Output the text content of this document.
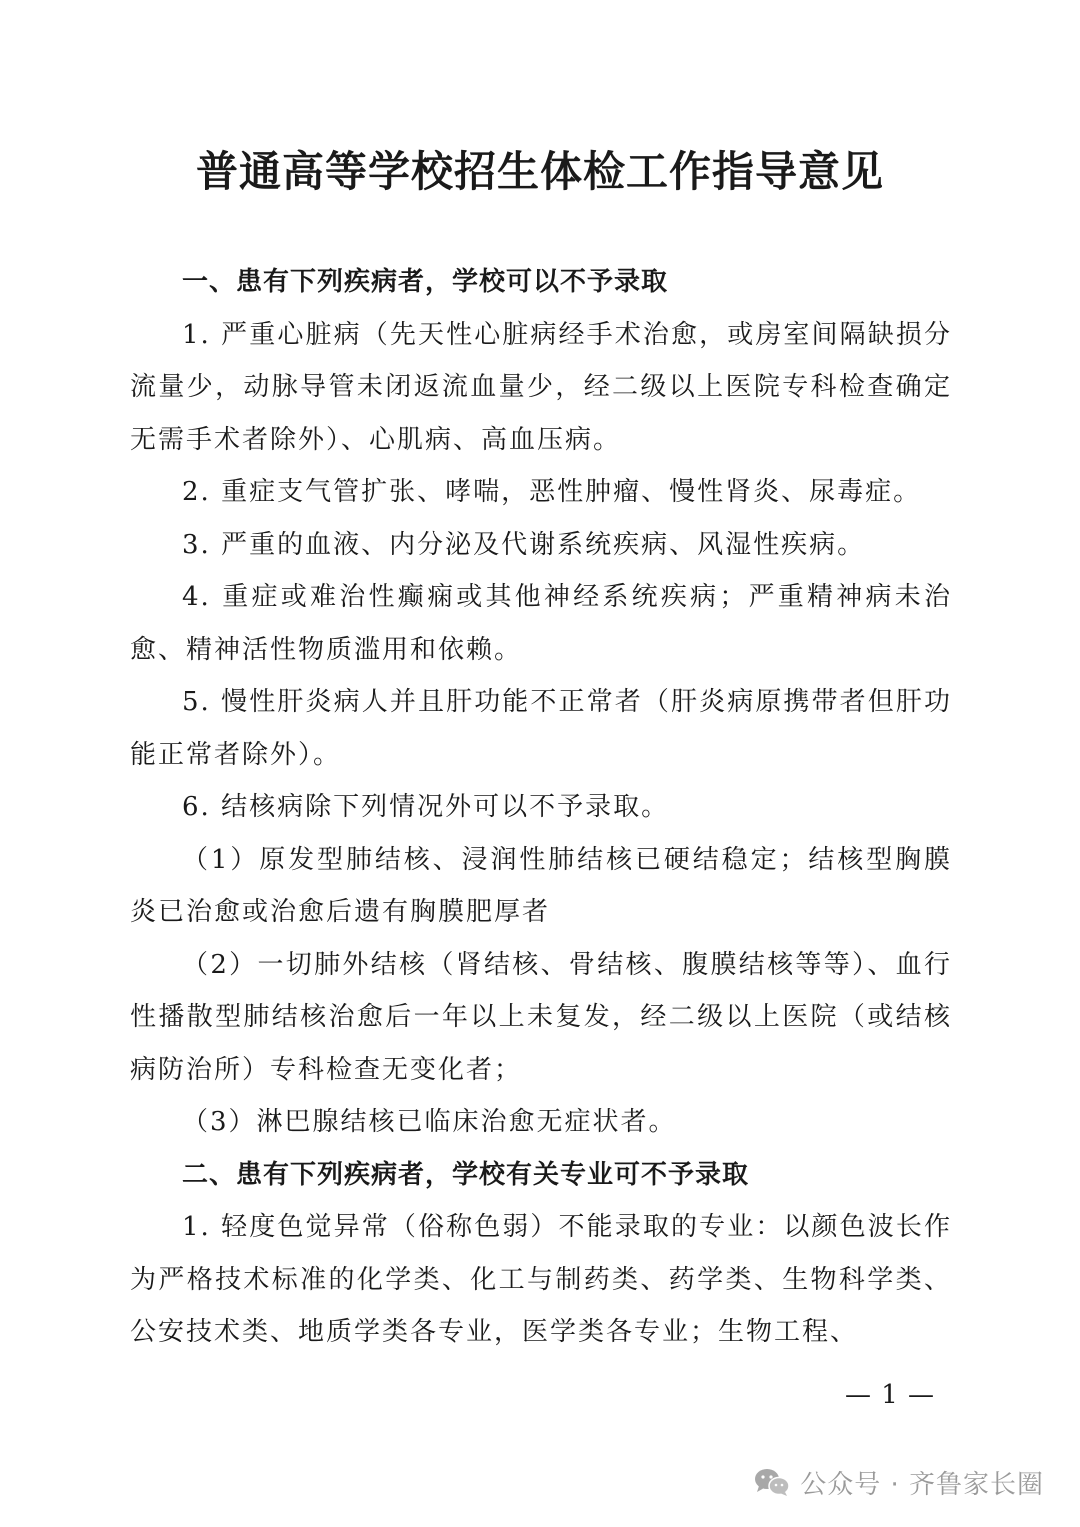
普通高等学校招生体检工作指导意见

一、患有下列疾病者，学校可以不予录取

1. 严重心脏病（先天性心脏病经手术治愈，或房室间隔缺损分流量少，动脉导管未闭返流血量少，经二级以上医院专科检查确定无需手术者除外）、心肌病、高血压病。

2. 重症支气管扩张、哮喘，恶性肿瘤、慢性肾炎、尿毒症。

3. 严重的血液、内分泌及代谢系统疾病、风湿性疾病。

4. 重症或难治性癫痫或其他神经系统疾病；严重精神病未治愈、精神活性物质滥用和依赖。

5. 慢性肝炎病人并且肝功能不正常者（肝炎病原携带者但肝功能正常者除外）。

6. 结核病除下列情况外可以不予录取。

（1）原发型肺结核、浸润性肺结核已硬结稳定；结核型胸膜炎已治愈或治愈后遗有胸膜肥厚者

（2）一切肺外结核（肾结核、骨结核、腹膜结核等等）、血行性播散型肺结核治愈后一年以上未复发，经二级以上医院（或结核病防治所）专科检查无变化者；

（3）淋巴腺结核已临床治愈无症状者。

二、患有下列疾病者，学校有关专业可不予录取

1. 轻度色觉异常（俗称色弱）不能录取的专业：以颜色波长作为严格技术标准的化学类、化工与制药类、药学类、生物科学类、公安技术类、地质学类各专业，医学类各专业；生物工程、

— 1 —
公众号 · 齐鲁家长圈
